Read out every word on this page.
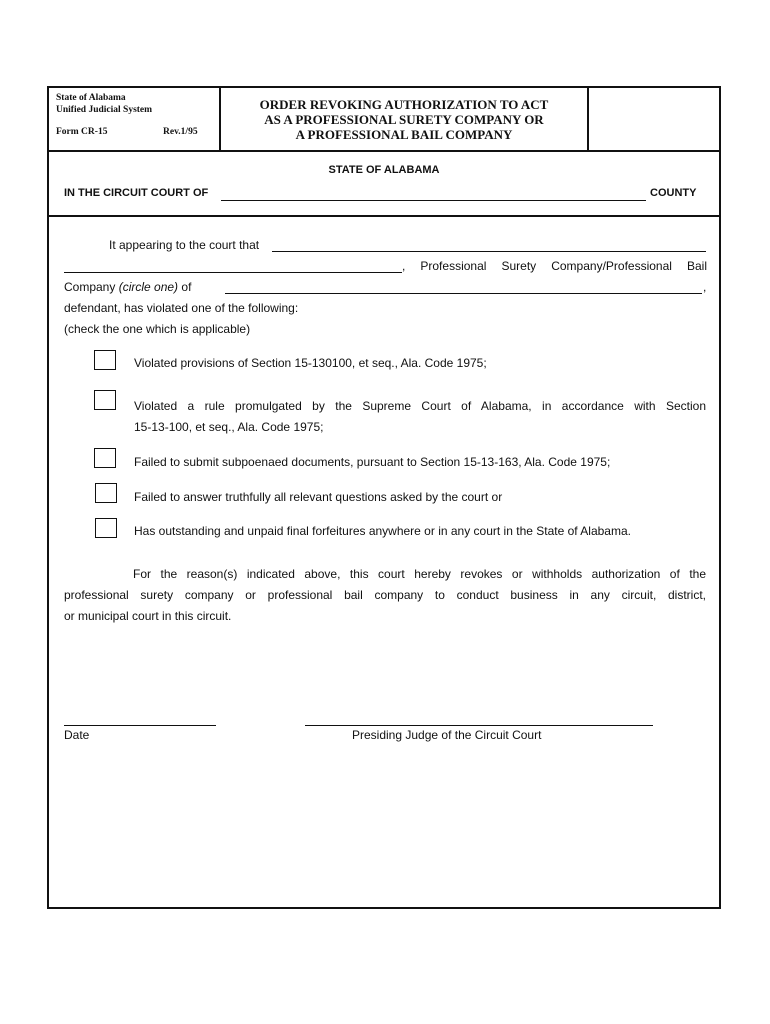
State of Alabama
Unified Judicial System
Form CR-15	Rev.1/95
ORDER REVOKING AUTHORIZATION TO ACT
AS A PROFESSIONAL SURETY COMPANY OR
A PROFESSIONAL BAIL COMPANY
STATE OF ALABAMA
IN THE CIRCUIT COURT OF	COUNTY
It appearing to the court that
, Professional Surety Company/Professional Bail
Company (circle one) of	,
defendant, has violated one of the following:
(check the one which is applicable)
Violated provisions of Section 15-130100, et seq., Ala. Code 1975;
Violated a rule promulgated by the Supreme Court of Alabama, in accordance with Section
15-13-100, et seq., Ala. Code 1975;
Failed to submit subpoenaed documents, pursuant to Section 15-13-163, Ala. Code 1975;
Failed to answer truthfully all relevant questions asked by the court or
Has outstanding and unpaid final forfeitures anywhere or in any court in the State of Alabama.
For the reason(s) indicated above, this court hereby revokes or withholds authorization of the
professional surety company or professional bail company to conduct business in any circuit, district,
or municipal court in this circuit.
Date	Presiding Judge of the Circuit Court
